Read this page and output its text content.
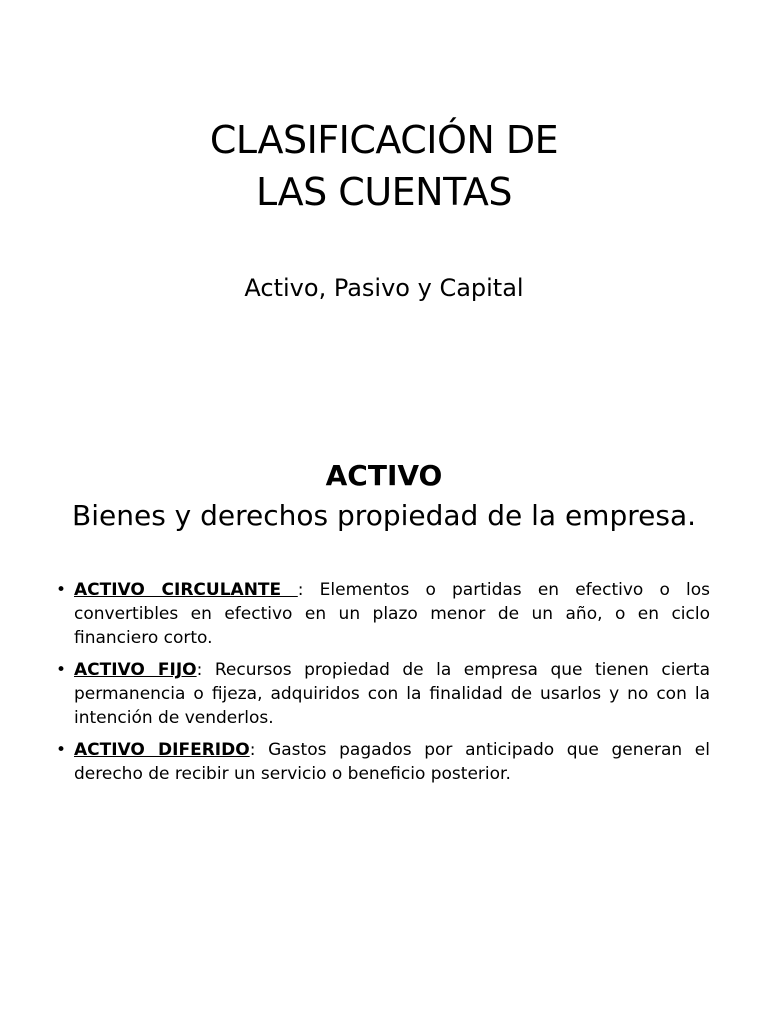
CLASIFICACIÓN DE
LAS CUENTAS

Activo, Pasivo y Capital

ACTIVO

Bienes y derechos propiedad de la empresa.

• ACTIVO CIRCULANTE : Elementos o partidas en efectivo o los convertibles en efectivo en un plazo menor de un año, o en ciclo financiero corto.
• ACTIVO FIJO: Recursos propiedad de la empresa que tienen cierta permanencia o fijeza, adquiridos con la finalidad de usarlos y no con la intención de venderlos.
• ACTIVO DIFERIDO: Gastos pagados por anticipado que generan el derecho de recibir un servicio o beneficio posterior.
